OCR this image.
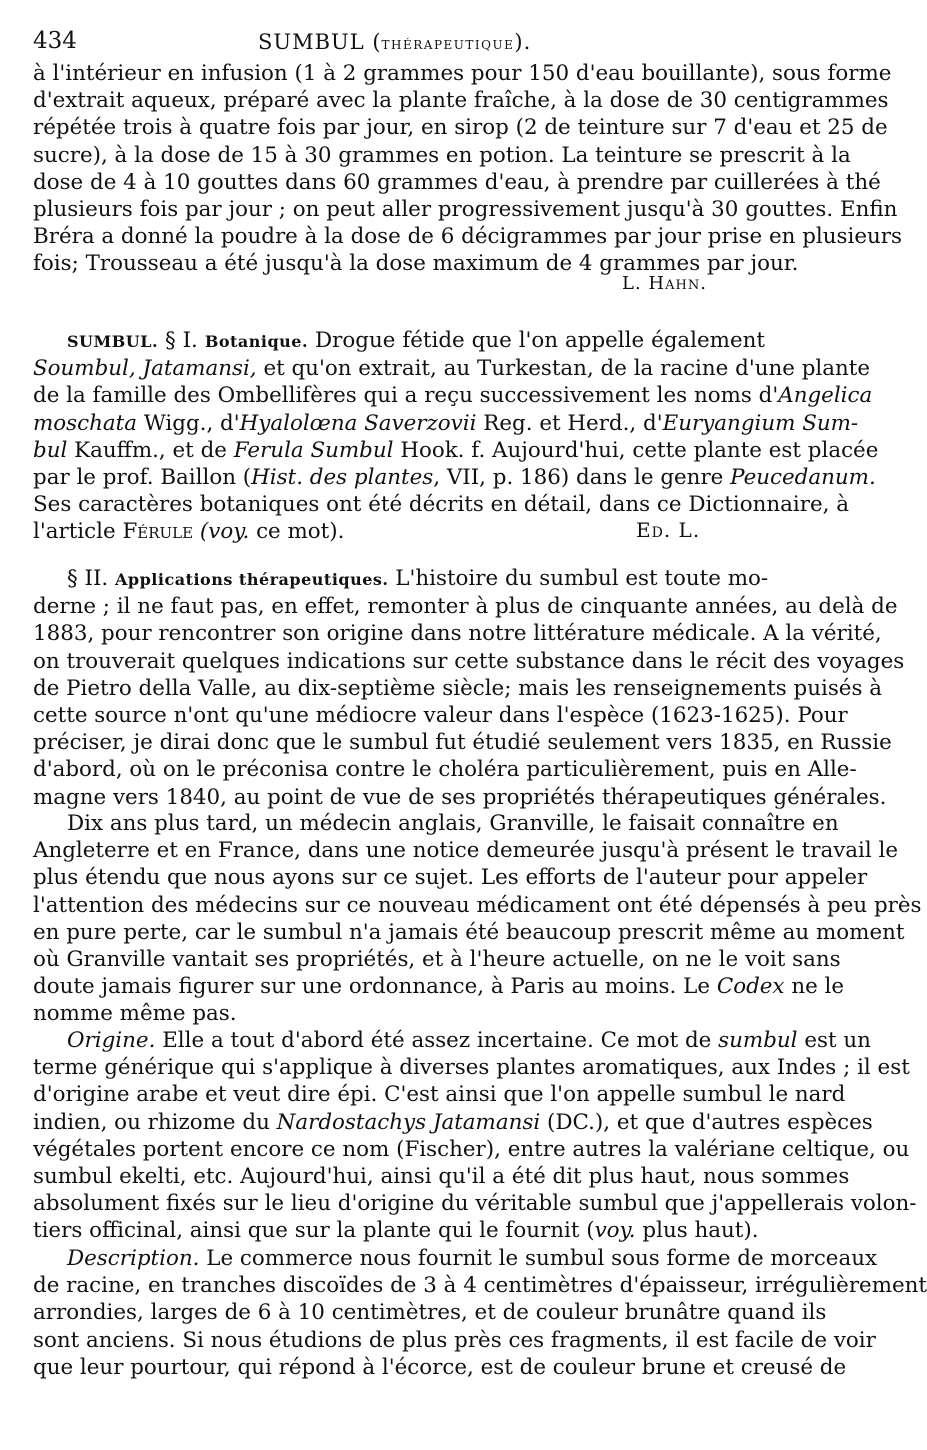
434	SUMBUL (THÉRAPEUTIQUE).
à l'intérieur en infusion (1 à 2 grammes pour 150 d'eau bouillante), sous forme
d'extrait aqueux, préparé avec la plante fraîche, à la dose de 30 centigrammes
répétée trois à quatre fois par jour, en sirop (2 de teinture sur 7 d'eau et 25 de
sucre), à la dose de 15 à 30 grammes en potion. La teinture se prescrit à la
dose de 4 à 10 gouttes dans 60 grammes d'eau, à prendre par cuillerées à thé
plusieurs fois par jour ; on peut aller progressivement jusqu'à 30 gouttes. Enfin
Bréra a donné la poudre à la dose de 6 décigrammes par jour prise en plusieurs
fois; Trousseau a été jusqu'à la dose maximum de 4 grammes par jour.
L. Hahn.
SUMBUL. § I. Botanique. Drogue fétide que l'on appelle également
Soumbul, Jatamansi, et qu'on extrait, au Turkestan, de la racine d'une plante
de la famille des Ombellifères qui a reçu successivement les noms d'Angelica
moschata Wigg., d'Hyalolœna Saverzovii Reg. et Herd., d'Euryangium Sum-
bul Kauffm., et de Ferula Sumbul Hook. f. Aujourd'hui, cette plante est placée
par le prof. Baillon (Hist. des plantes, VII, p. 186) dans le genre Peucedanum.
Ses caractères botaniques ont été décrits en détail, dans ce Dictionnaire, à
l'article Férule (voy. ce mot).	Ed. L.
§ II. Applications thérapeutiques. L'histoire du sumbul est toute mo-
derne ; il ne faut pas, en effet, remonter à plus de cinquante années, au delà de
1883, pour rencontrer son origine dans notre littérature médicale. A la vérité,
on trouverait quelques indications sur cette substance dans le récit des voyages
de Pietro della Valle, au dix-septième siècle; mais les renseignements puisés à
cette source n'ont qu'une médiocre valeur dans l'espèce (1623-1625). Pour
préciser, je dirai donc que le sumbul fut étudié seulement vers 1835, en Russie
d'abord, où on le préconisa contre le choléra particulièrement, puis en Alle-
magne vers 1840, au point de vue de ses propriétés thérapeutiques générales.
Dix ans plus tard, un médecin anglais, Granville, le faisait connaître en
Angleterre et en France, dans une notice demeurée jusqu'à présent le travail le
plus étendu que nous ayons sur ce sujet. Les efforts de l'auteur pour appeler
l'attention des médecins sur ce nouveau médicament ont été dépensés à peu près
en pure perte, car le sumbul n'a jamais été beaucoup prescrit même au moment
où Granville vantait ses propriétés, et à l'heure actuelle, on ne le voit sans
doute jamais figurer sur une ordonnance, à Paris au moins. Le Codex ne le
nomme même pas.
Origine. Elle a tout d'abord été assez incertaine. Ce mot de sumbul est un
terme générique qui s'applique à diverses plantes aromatiques, aux Indes ; il est
d'origine arabe et veut dire épi. C'est ainsi que l'on appelle sumbul le nard
indien, ou rhizome du Nardostachys Jatamansi (DC.), et que d'autres espèces
végétales portent encore ce nom (Fischer), entre autres la valériane celtique, ou
sumbul ekelti, etc. Aujourd'hui, ainsi qu'il a été dit plus haut, nous sommes
absolument fixés sur le lieu d'origine du véritable sumbul que j'appellerais volon-
tiers officinal, ainsi que sur la plante qui le fournit (voy. plus haut).
Description. Le commerce nous fournit le sumbul sous forme de morceaux
de racine, en tranches discoïdes de 3 à 4 centimètres d'épaisseur, irrégulièrement
arrondies, larges de 6 à 10 centimètres, et de couleur brunâtre quand ils
sont anciens. Si nous étudions de plus près ces fragments, il est facile de voir
que leur pourtour, qui répond à l'écorce, est de couleur brune et creusé de
